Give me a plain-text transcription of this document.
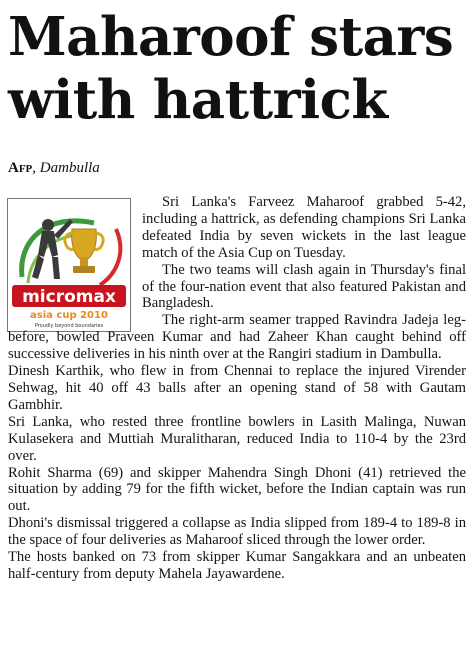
Maharoof stars
with hattrick
Afp, Dambulla
micromax
asia cup 2010
Proudly beyond boundaries

Sri Lanka's Farveez Maharoof grabbed 5-42, including a hattrick, as defending champions Sri Lanka defeated India by seven wickets in the last league match of the Asia Cup on Tuesday.

The two teams will clash again in Thursday's final of the four-nation event that also featured Pakistan and Bangladesh.

The right-arm seamer trapped Ravindra Jadeja leg-before, bowled Praveen Kumar and had Zaheer Khan caught behind off successive deliveries in his ninth over at the Rangiri stadium in Dambulla.

Dinesh Karthik, who flew in from Chennai to replace the injured Virender Sehwag, hit 40 off 43 balls after an opening stand of 58 with Gautam Gambhir.

Sri Lanka, who rested three frontline bowlers in Lasith Malinga, Nuwan Kulasekera and Muttiah Muralitharan, reduced India to 110-4 by the 23rd over.

Rohit Sharma (69) and skipper Mahendra Singh Dhoni (41) retrieved the situation by adding 79 for the fifth wicket, before the Indian captain was run out.

Dhoni's dismissal triggered a collapse as India slipped from 189-4 to 189-8 in the space of four deliveries as Maharoof sliced through the lower order.

The hosts banked on 73 from skipper Kumar Sangakkara and an unbeaten half-century from deputy Mahela Jayawardene.
